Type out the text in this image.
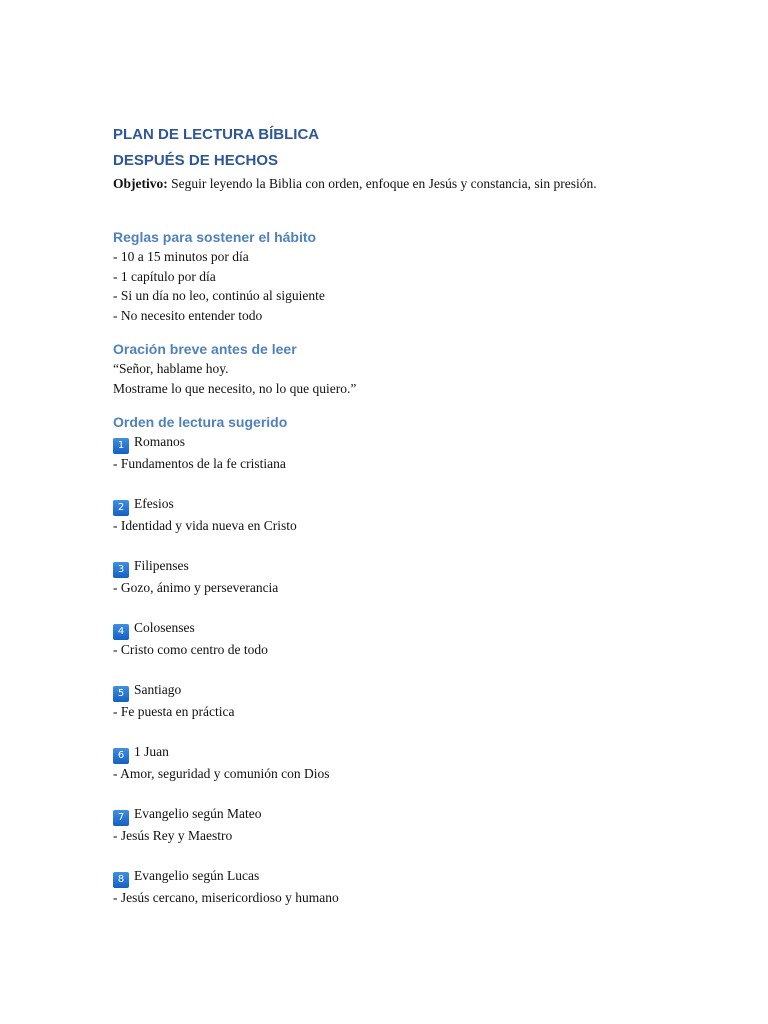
PLAN DE LECTURA BÍBLICA

DESPUÉS DE HECHOS

Objetivo: Seguir leyendo la Biblia con orden, enfoque en Jesús y constancia, sin presión.

Reglas para sostener el hábito

- 10 a 15 minutos por día

- 1 capítulo por día

- Si un día no leo, continúo al siguiente

- No necesito entender todo

Oración breve antes de leer

“Señor, hablame hoy.

Mostrame lo que necesito, no lo que quiero.”

Orden de lectura sugerido

1 Romanos

- Fundamentos de la fe cristiana

2 Efesios

- Identidad y vida nueva en Cristo

3 Filipenses

- Gozo, ánimo y perseverancia

4 Colosenses

- Cristo como centro de todo

5 Santiago

- Fe puesta en práctica

6 1 Juan

- Amor, seguridad y comunión con Dios

7 Evangelio según Mateo

- Jesús Rey y Maestro

8 Evangelio según Lucas

- Jesús cercano, misericordioso y humano
